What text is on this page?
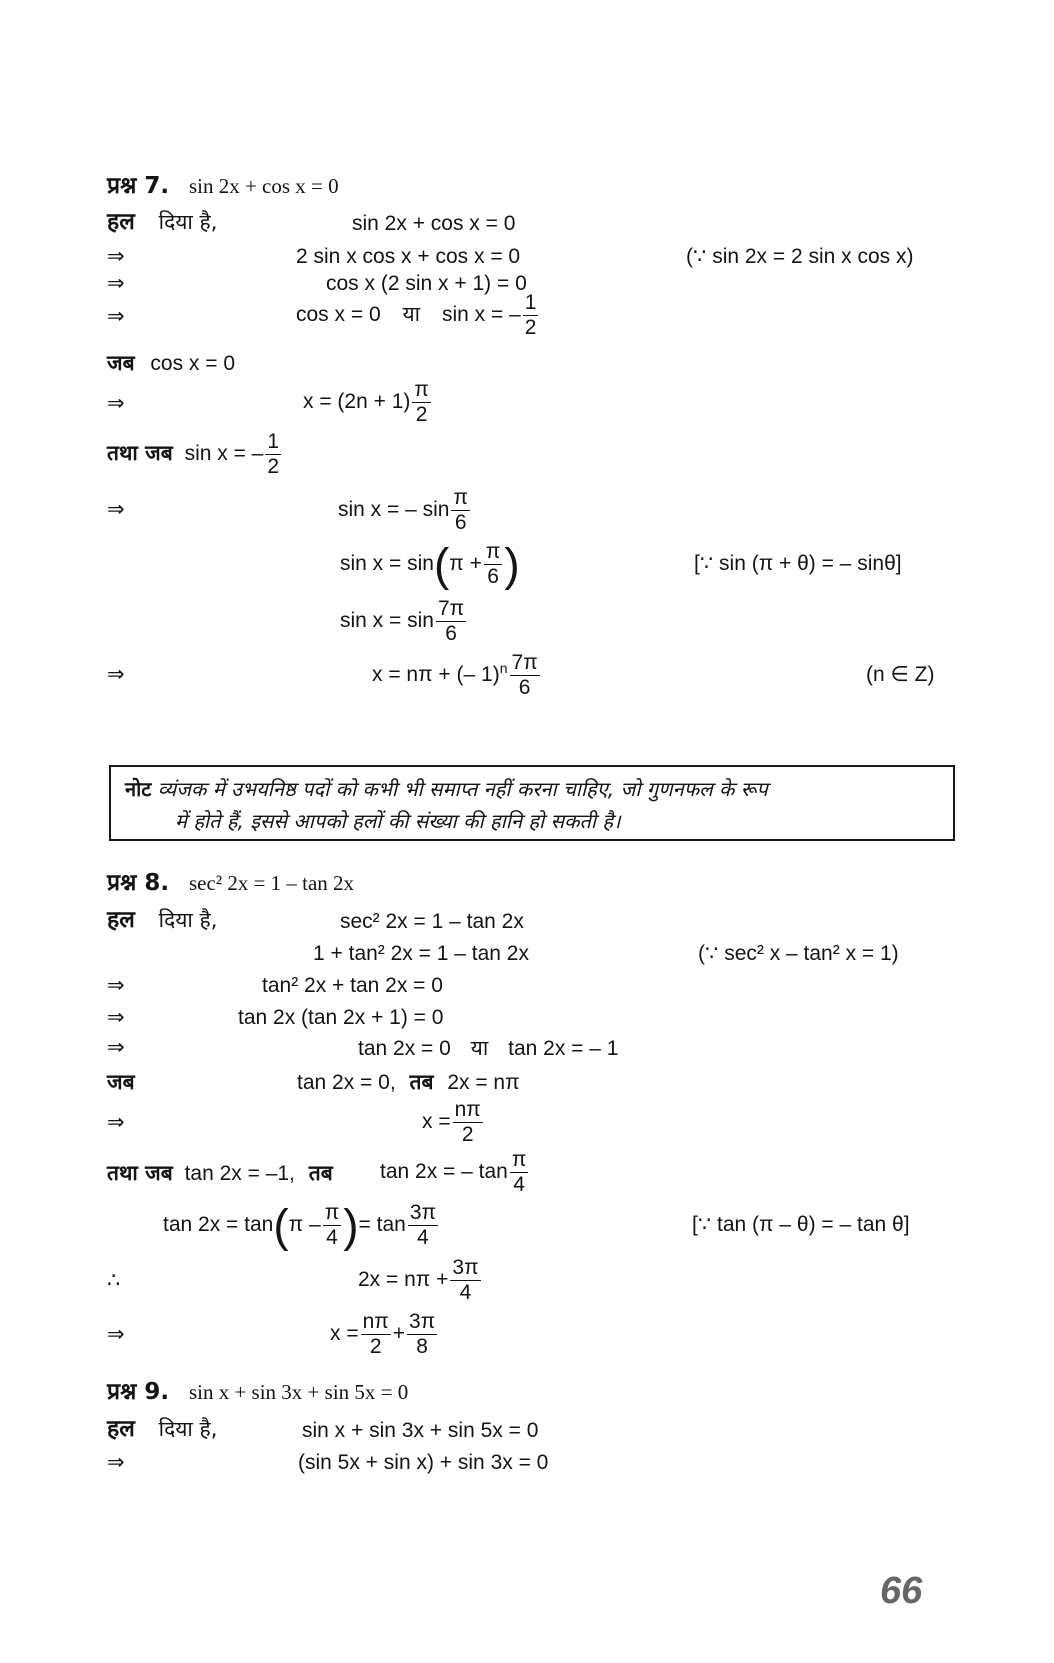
प्रश्न 7. sin 2x + cos x = 0
हल दिया है,	sin 2x + cos x = 0
⇒	2 sin x cos x + cos x = 0	(∵ sin 2x = 2 sin x cos x)
⇒	cos x (2 sin x + 1) = 0
⇒	cos x = 0 या sin x = – $\frac{1}{2}$
जब cos x = 0
⇒	$x = (2n + 1) \frac{\pi}{2}$
तथा जब sin x = – $\frac{1}{2}$
⇒	sin x = – $\sin \frac{\pi}{6}$
$\sin x = \sin(\pi + \frac{\pi}{6}$ )	[∵ sin (π + θ) = – sinθ]
$\sin x = \sin \frac{7\pi}{6}$
⇒	x = nπ + (– $1)^n \frac{7\pi}{6}$	(n ∈ Z)
नोट व्यंजक में उभयनिष्ठ पदों को कभी भी समाप्त नहीं करना चाहिए, जो गुणनफल के रूप
में होते हैं, इससे आपको हलों की संख्या की हानि हो सकती है।
प्रश्न 8. sec² 2x = 1 – tan 2x
हल दिया है,	sec² 2x = 1 – tan 2x
1 + tan² 2x = 1 – tan 2x	(∵ sec² x – tan² x = 1)
⇒	tan² 2x + tan 2x = 0
⇒	tan 2x (tan 2x + 1) = 0
⇒	tan 2x = 0 या tan 2x = – 1
जब	tan 2x = 0, तब 2x = nπ
⇒	$x = \frac{n\pi}{2}$
तथा जब tan 2x = –1, तब	tan 2x = – $\tan \frac{\pi}{4}$
$\tan 2x = \tan(\pi - \frac{\pi}{4}$ )= $\tan \frac{3\pi}{4}$	[∵ tan (π – θ) = – tan θ]
∴	$2x = n\pi + \frac{3\pi}{4}$
⇒	$x = \frac{n\pi}{2} + \frac{3\pi}{8}$
प्रश्न 9. sin x + sin 3x + sin 5x = 0
हल दिया है,	sin x + sin 3x + sin 5x = 0
⇒	(sin 5x + sin x) + sin 3x = 0
66
